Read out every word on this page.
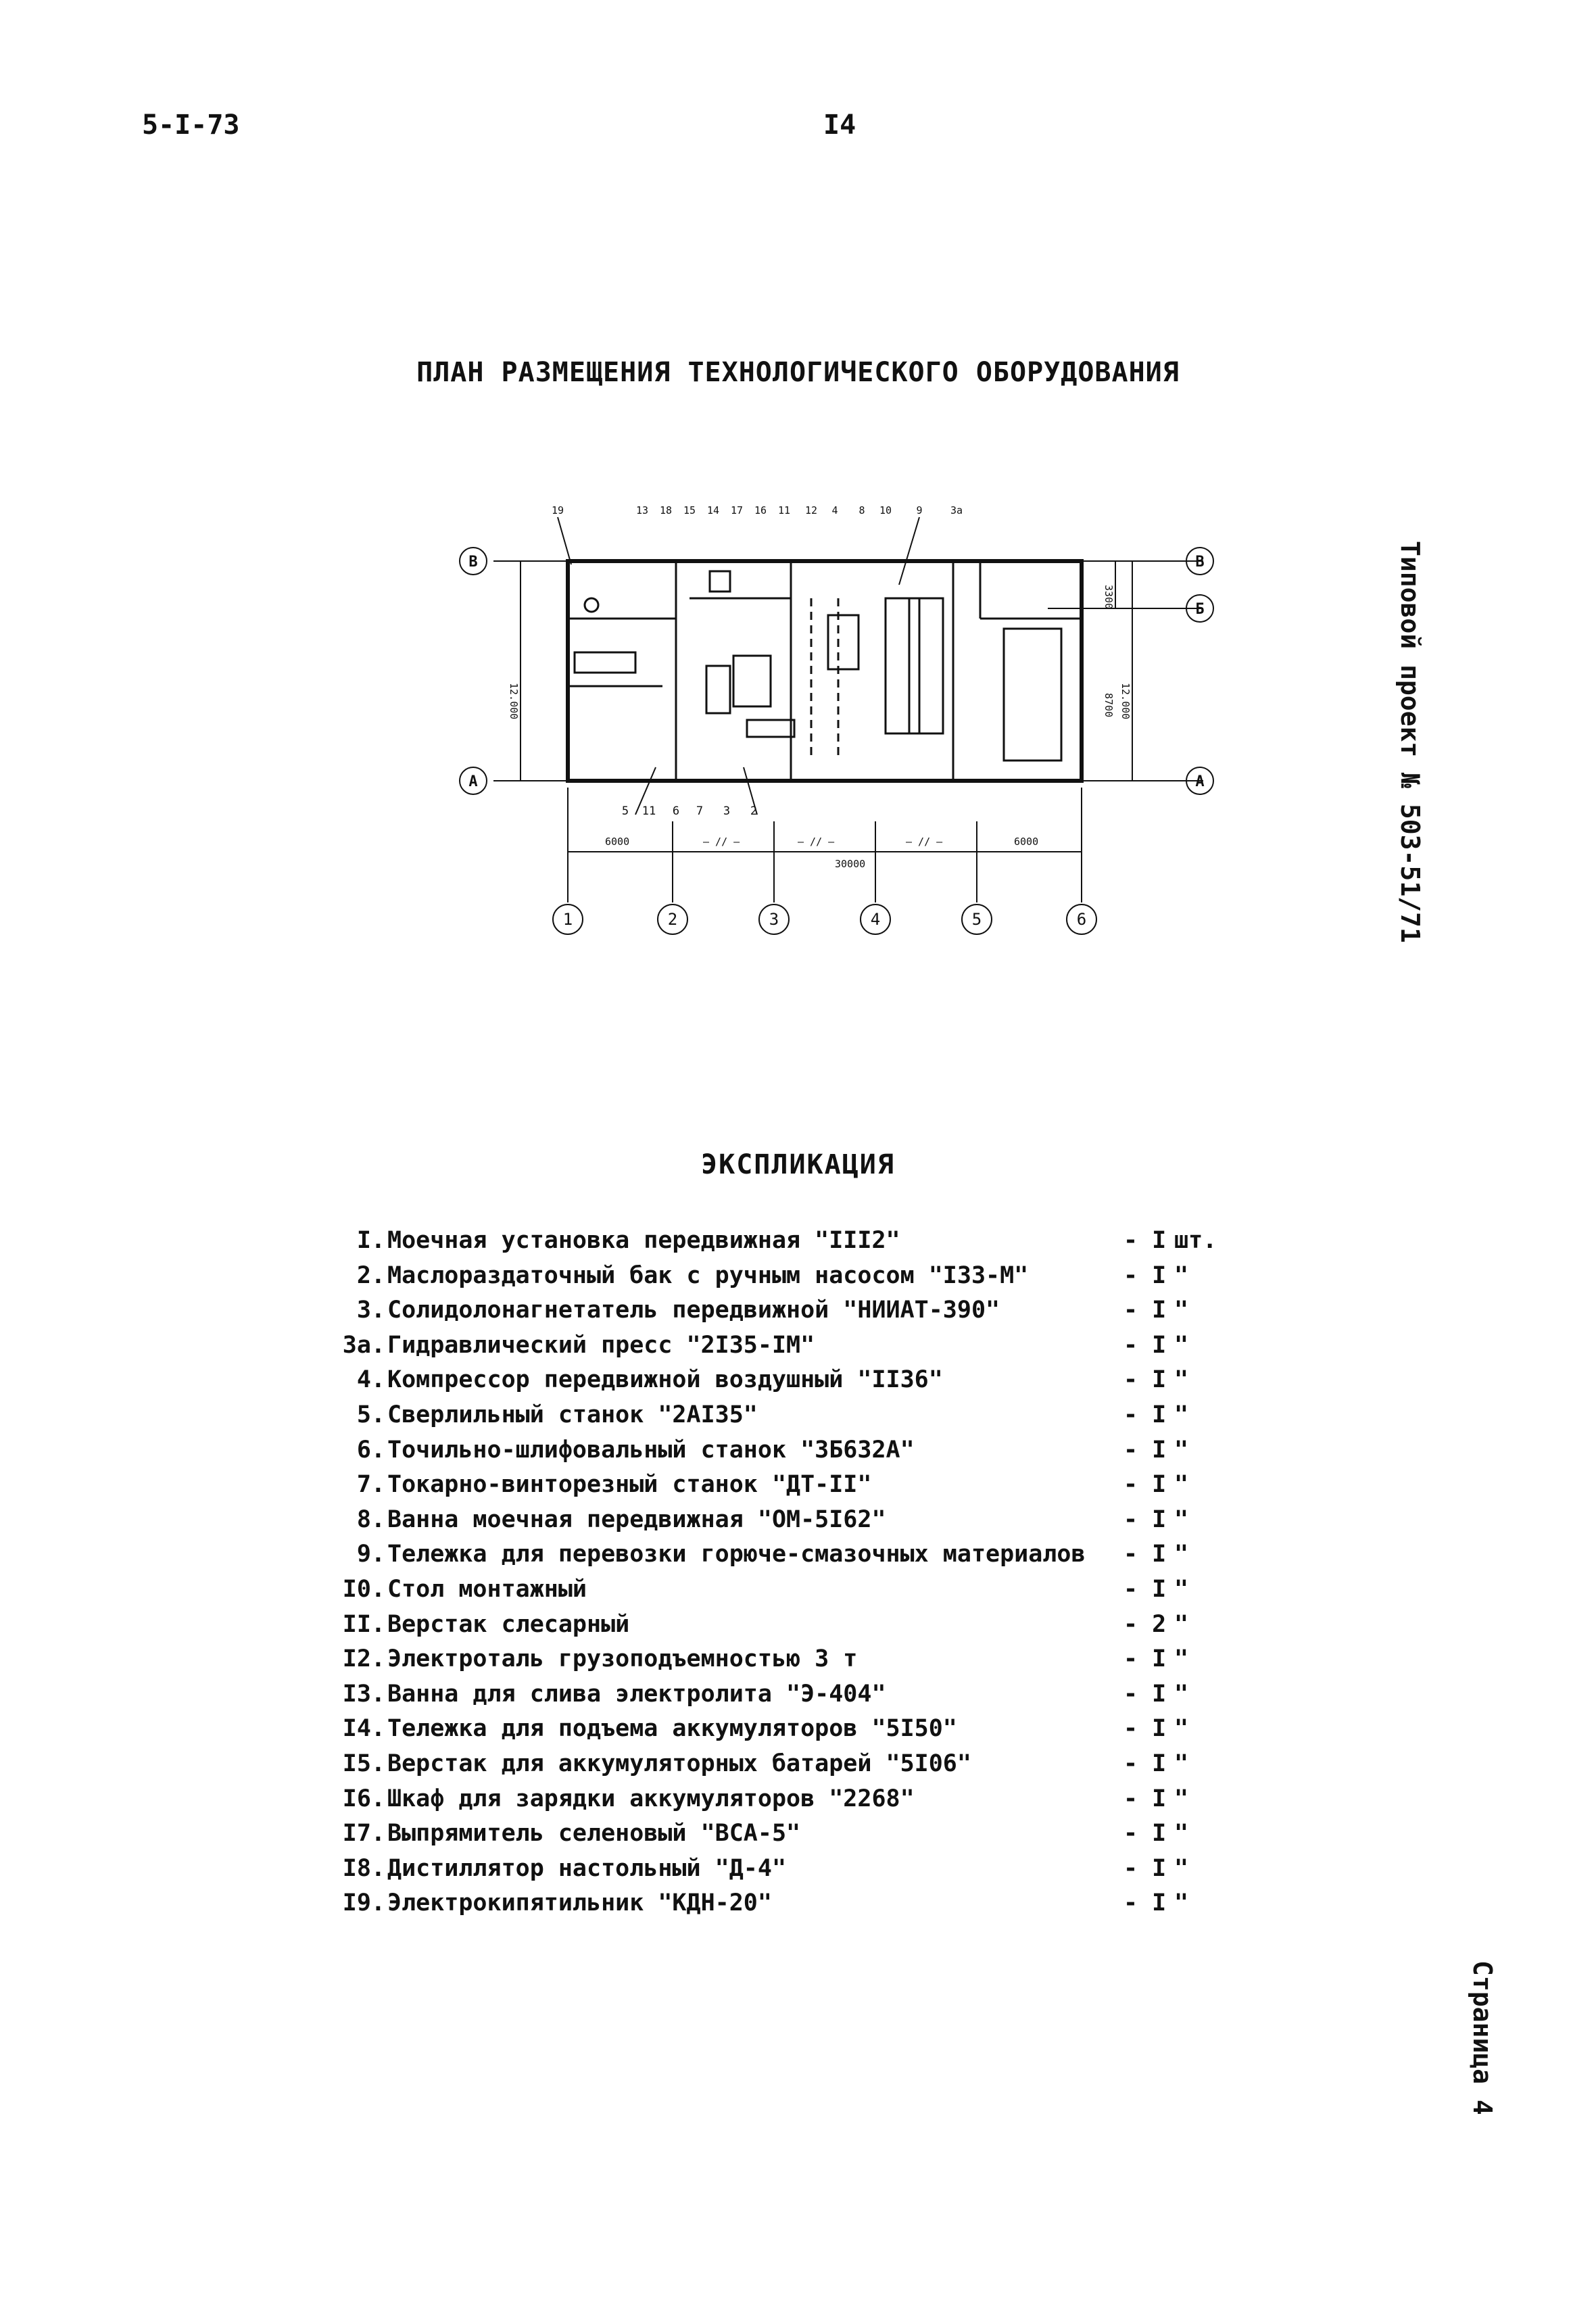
5-I-73	I4
ПЛАН РАЗМЕЩЕНИЯ ТЕХНОЛОГИЧЕСКОГО ОБОРУДОВАНИЯ
В
А
В
Б
А
1	2	3	4	5	6
19	13 18 15 14 17 16 11 12 4 8 10 9	3а
5 11 6 7 3 2
12.000	12.000
3300
8700
6000	6000
— // —	— // —	— // —
30000
ЭКСПЛИКАЦИЯ
I. Моечная установка передвижная "III2"	- I шт.
2. Маслораздаточный бак с ручным насосом "I33-М"	- I "
3. Солидолонагнетатель передвижной "НИИАТ-390"	- I "
3а. Гидравлический пресс "2I35-IМ"	- I "
4. Компрессор передвижной воздушный "II36"	- I "
5. Сверлильный станок "2АI35"	- I "
6. Точильно-шлифовальный станок "3Б632А"	- I "
7. Токарно-винторезный станок "ДТ-II"	- I "
8. Ванна моечная передвижная "ОМ-5I62"	- I "
9. Тележка для перевозки горюче-смазочных материалов - I "
I0. Стол монтажный	- I "
II. Верстак слесарный	- 2 "
I2. Электроталь грузоподъемностью 3 т	- I "
I3. Ванна для слива электролита "Э-404"	- I "
I4. Тележка для подъема аккумуляторов "5I50"	- I "
I5. Верстак для аккумуляторных батарей "5I06"	- I "
I6. Шкаф для зарядки аккумуляторов "2268"	- I "
I7. Выпрямитель селеновый "ВСА-5"	- I "
I8. Дистиллятор настольный "Д-4"	- I "
I9. Электрокипятильник "КДН-20"	- I "
Типовой проект № 503-51/71
Страница 4
